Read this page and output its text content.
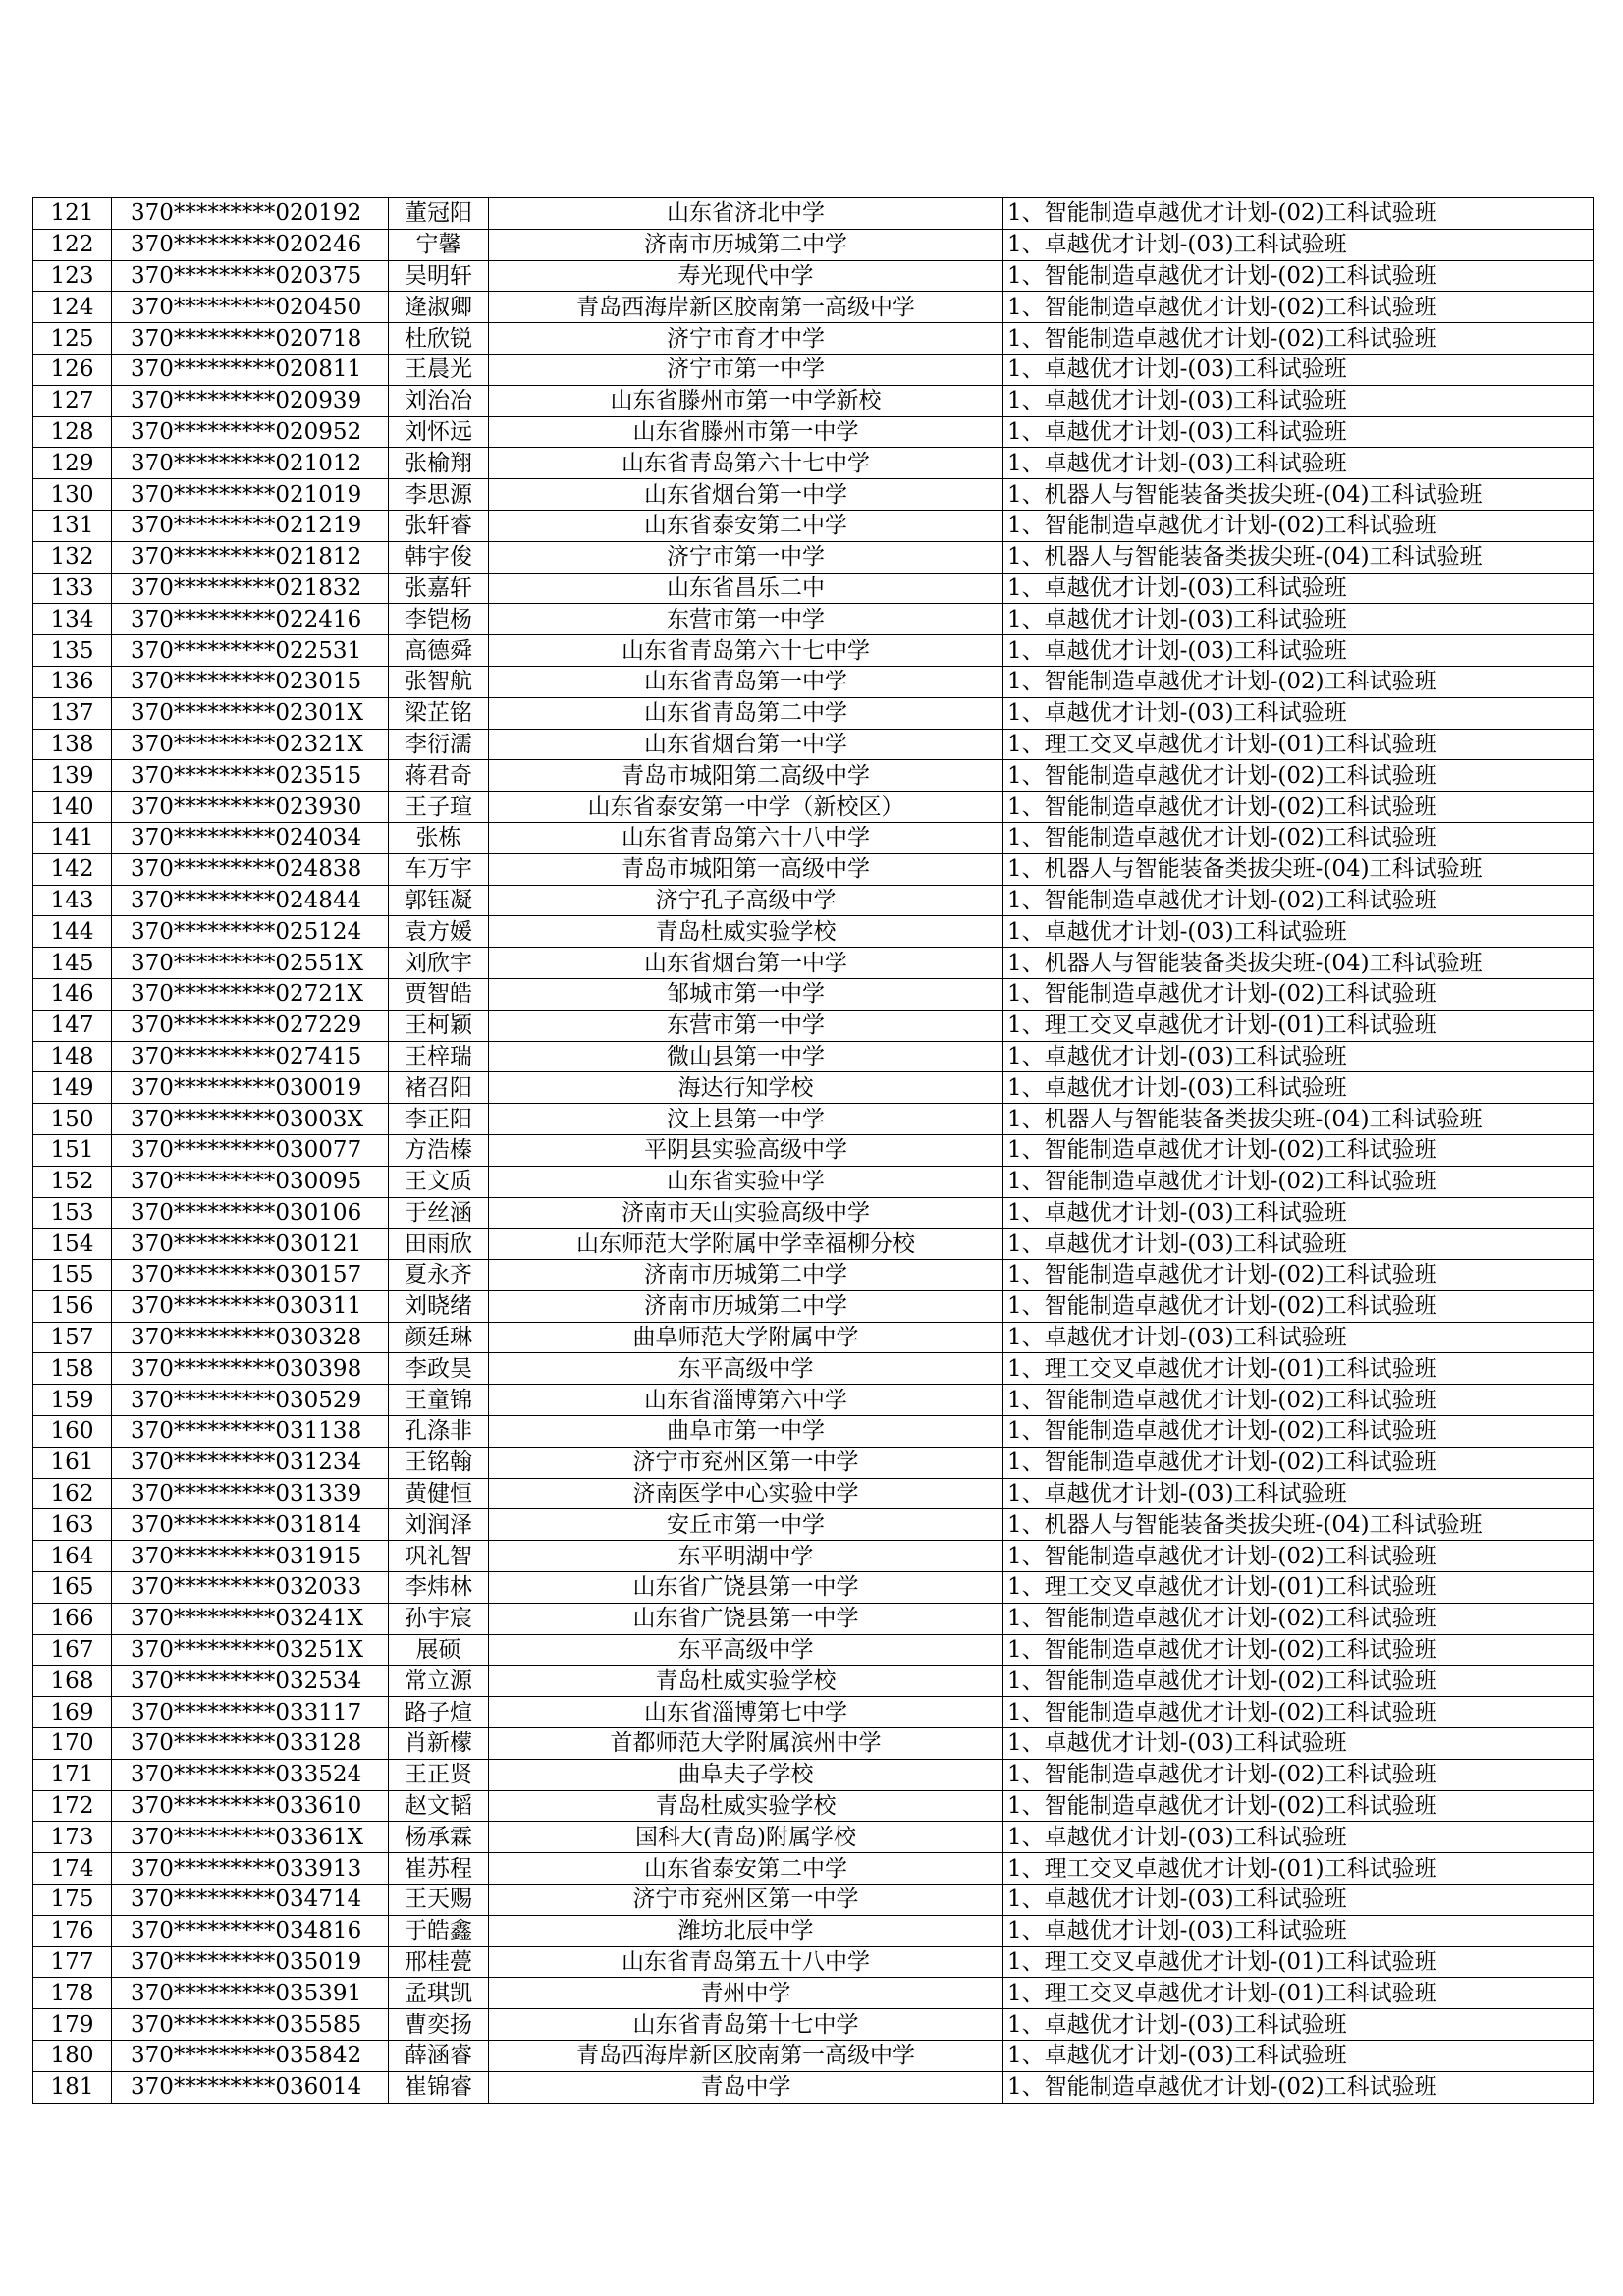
121	370*********020192	董冠阳	山东省济北中学	1、智能制造卓越优才计划-(02)工科试验班
122	370*********020246	宁馨	济南市历城第二中学	1、卓越优才计划-(03)工科试验班
123	370*********020375	吴明轩	寿光现代中学	1、智能制造卓越优才计划-(02)工科试验班
124	370*********020450	逄淑卿	青岛西海岸新区胶南第一高级中学	1、智能制造卓越优才计划-(02)工科试验班
125	370*********020718	杜欣锐	济宁市育才中学	1、智能制造卓越优才计划-(02)工科试验班
126	370*********020811	王晨光	济宁市第一中学	1、卓越优才计划-(03)工科试验班
127	370*********020939	刘治冶	山东省滕州市第一中学新校	1、卓越优才计划-(03)工科试验班
128	370*********020952	刘怀远	山东省滕州市第一中学	1、卓越优才计划-(03)工科试验班
129	370*********021012	张榆翔	山东省青岛第六十七中学	1、卓越优才计划-(03)工科试验班
130	370*********021019	李思源	山东省烟台第一中学	1、机器人与智能装备类拔尖班-(04)工科试验班
131	370*********021219	张轩睿	山东省泰安第二中学	1、智能制造卓越优才计划-(02)工科试验班
132	370*********021812	韩宇俊	济宁市第一中学	1、机器人与智能装备类拔尖班-(04)工科试验班
133	370*********021832	张嘉轩	山东省昌乐二中	1、卓越优才计划-(03)工科试验班
134	370*********022416	李铠杨	东营市第一中学	1、卓越优才计划-(03)工科试验班
135	370*********022531	高德舜	山东省青岛第六十七中学	1、卓越优才计划-(03)工科试验班
136	370*********023015	张智航	山东省青岛第一中学	1、智能制造卓越优才计划-(02)工科试验班
137	370*********02301X	梁芷铭	山东省青岛第二中学	1、卓越优才计划-(03)工科试验班
138	370*********02321X	李衍濡	山东省烟台第一中学	1、理工交叉卓越优才计划-(01)工科试验班
139	370*********023515	蒋君奇	青岛市城阳第二高级中学	1、智能制造卓越优才计划-(02)工科试验班
140	370*********023930	王子瑄	山东省泰安第一中学（新校区）	1、智能制造卓越优才计划-(02)工科试验班
141	370*********024034	张栋	山东省青岛第六十八中学	1、智能制造卓越优才计划-(02)工科试验班
142	370*********024838	车万宇	青岛市城阳第一高级中学	1、机器人与智能装备类拔尖班-(04)工科试验班
143	370*********024844	郭钰凝	济宁孔子高级中学	1、智能制造卓越优才计划-(02)工科试验班
144	370*********025124	袁方媛	青岛杜威实验学校	1、卓越优才计划-(03)工科试验班
145	370*********02551X	刘欣宇	山东省烟台第一中学	1、机器人与智能装备类拔尖班-(04)工科试验班
146	370*********02721X	贾智皓	邹城市第一中学	1、智能制造卓越优才计划-(02)工科试验班
147	370*********027229	王柯颖	东营市第一中学	1、理工交叉卓越优才计划-(01)工科试验班
148	370*********027415	王梓瑞	微山县第一中学	1、卓越优才计划-(03)工科试验班
149	370*********030019	褚召阳	海达行知学校	1、卓越优才计划-(03)工科试验班
150	370*********03003X	李正阳	汶上县第一中学	1、机器人与智能装备类拔尖班-(04)工科试验班
151	370*********030077	方浩榛	平阴县实验高级中学	1、智能制造卓越优才计划-(02)工科试验班
152	370*********030095	王文质	山东省实验中学	1、智能制造卓越优才计划-(02)工科试验班
153	370*********030106	于丝涵	济南市天山实验高级中学	1、卓越优才计划-(03)工科试验班
154	370*********030121	田雨欣	山东师范大学附属中学幸福柳分校	1、卓越优才计划-(03)工科试验班
155	370*********030157	夏永齐	济南市历城第二中学	1、智能制造卓越优才计划-(02)工科试验班
156	370*********030311	刘晓绪	济南市历城第二中学	1、智能制造卓越优才计划-(02)工科试验班
157	370*********030328	颜廷琳	曲阜师范大学附属中学	1、卓越优才计划-(03)工科试验班
158	370*********030398	李政昊	东平高级中学	1、理工交叉卓越优才计划-(01)工科试验班
159	370*********030529	王童锦	山东省淄博第六中学	1、智能制造卓越优才计划-(02)工科试验班
160	370*********031138	孔涤非	曲阜市第一中学	1、智能制造卓越优才计划-(02)工科试验班
161	370*********031234	王铭翰	济宁市兖州区第一中学	1、智能制造卓越优才计划-(02)工科试验班
162	370*********031339	黄健恒	济南医学中心实验中学	1、卓越优才计划-(03)工科试验班
163	370*********031814	刘润泽	安丘市第一中学	1、机器人与智能装备类拔尖班-(04)工科试验班
164	370*********031915	巩礼智	东平明湖中学	1、智能制造卓越优才计划-(02)工科试验班
165	370*********032033	李炜林	山东省广饶县第一中学	1、理工交叉卓越优才计划-(01)工科试验班
166	370*********03241X	孙宇宸	山东省广饶县第一中学	1、智能制造卓越优才计划-(02)工科试验班
167	370*********03251X	展硕	东平高级中学	1、智能制造卓越优才计划-(02)工科试验班
168	370*********032534	常立源	青岛杜威实验学校	1、智能制造卓越优才计划-(02)工科试验班
169	370*********033117	路子煊	山东省淄博第七中学	1、智能制造卓越优才计划-(02)工科试验班
170	370*********033128	肖新檬	首都师范大学附属滨州中学	1、卓越优才计划-(03)工科试验班
171	370*********033524	王正贤	曲阜夫子学校	1、智能制造卓越优才计划-(02)工科试验班
172	370*********033610	赵文韬	青岛杜威实验学校	1、智能制造卓越优才计划-(02)工科试验班
173	370*********03361X	杨承霖	国科大(青岛)附属学校	1、卓越优才计划-(03)工科试验班
174	370*********033913	崔苏程	山东省泰安第二中学	1、理工交叉卓越优才计划-(01)工科试验班
175	370*********034714	王天赐	济宁市兖州区第一中学	1、卓越优才计划-(03)工科试验班
176	370*********034816	于皓鑫	潍坊北辰中学	1、卓越优才计划-(03)工科试验班
177	370*********035019	邢桂甍	山东省青岛第五十八中学	1、理工交叉卓越优才计划-(01)工科试验班
178	370*********035391	孟琪凯	青州中学	1、理工交叉卓越优才计划-(01)工科试验班
179	370*********035585	曹奕扬	山东省青岛第十七中学	1、卓越优才计划-(03)工科试验班
180	370*********035842	薛涵睿	青岛西海岸新区胶南第一高级中学	1、卓越优才计划-(03)工科试验班
181	370*********036014	崔锦睿	青岛中学	1、智能制造卓越优才计划-(02)工科试验班
